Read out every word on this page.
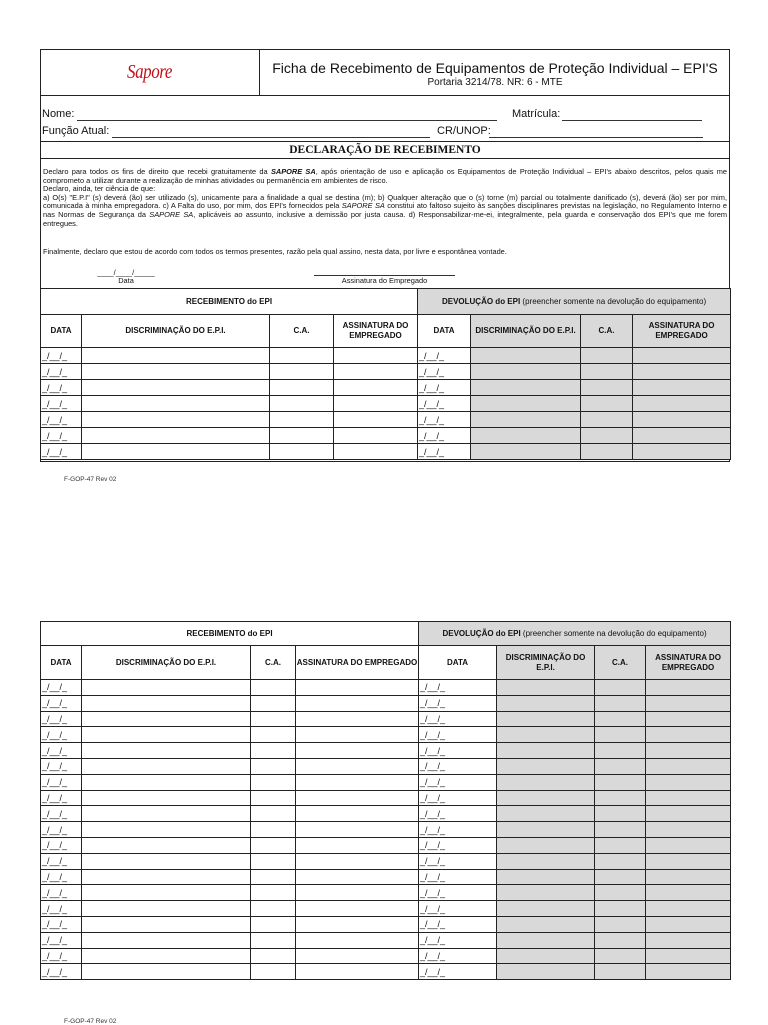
Sapore	Ficha de Recebimento de Equipamentos de Proteção Individual – EPI'S
Portaria 3214/78. NR: 6 - MTE
Nome:	Matrícula:
Função Atual:	CR/UNOP:
DECLARAÇÃO DE RECEBIMENTO

Declaro para todos os fins de direito que recebi gratuitamente da SAPORE SA, após orientação de uso e aplicação os Equipamentos de Proteção Individual – EPI's abaixo descritos, pelos quais me comprometo a utilizar durante a realização de minhas atividades ou permanência em ambientes de risco.

Declaro, ainda, ter ciência de que:

a) O(s) "E.P.I" (s) deverá (ão) ser utilizado (s), unicamente para a finalidade a qual se destina (m); b) Qualquer alteração que o (s) torne (m) parcial ou totalmente danificado (s), deverá (ão) ser por mim, comunicada à minha empregadora. c) A Falta do uso, por mim, dos EPI's fornecidos pela SAPORE SA constitui ato faltoso sujeito às sanções disciplinares previstas na legislação, no Regulamento Interno e nas Normas de Segurança da SAPORE SA, aplicáveis ao assunto, inclusive a demissão por justa causa. d) Responsabilizar-me-ei, integralmente, pela guarda e conservação dos EPI's que me forem entregues.

Finalmente, declaro que estou de acordo com todos os termos presentes, razão pela qual assino, nesta data, por livre e espontânea vontade.
____/____/_____
Data	Assinatura do Empregado
RECEBIMENTO do EPI				DEVOLUÇÃO do EPI (preencher somente na devolução do equipamento)			
DATA	DISCRIMINAÇÃO DO E.P.I.	C.A.	ASSINATURA DO EMPREGADO	DATA	DISCRIMINAÇÃO DO E.P.I.	C.A.	ASSINATURA DO EMPREGADO
_/__/_				_/__/_			
_/__/_				_/__/_			
_/__/_				_/__/_			
_/__/_				_/__/_			
_/__/_				_/__/_			
_/__/_				_/__/_			
_/__/_				_/__/_			
F-GOP-47 Rev 02
RECEBIMENTO do EPI				DEVOLUÇÃO do EPI (preencher somente na devolução do equipamento)			
DATA	DISCRIMINAÇÃO DO E.P.I.	C.A.	ASSINATURA DO EMPREGADO	DATA	DISCRIMINAÇÃO DO E.P.I.	C.A.	ASSINATURA DO EMPREGADO
_/__/_				_/__/_			
_/__/_				_/__/_			
_/__/_				_/__/_			
_/__/_				_/__/_			
_/__/_				_/__/_			
_/__/_				_/__/_			
_/__/_				_/__/_			
_/__/_				_/__/_			
_/__/_				_/__/_			
_/__/_				_/__/_			
_/__/_				_/__/_			
_/__/_				_/__/_			
_/__/_				_/__/_			
_/__/_				_/__/_			
_/__/_				_/__/_			
_/__/_				_/__/_			
_/__/_				_/__/_			
_/__/_				_/__/_			
_/__/_				_/__/_			
F-GOP-47 Rev 02
